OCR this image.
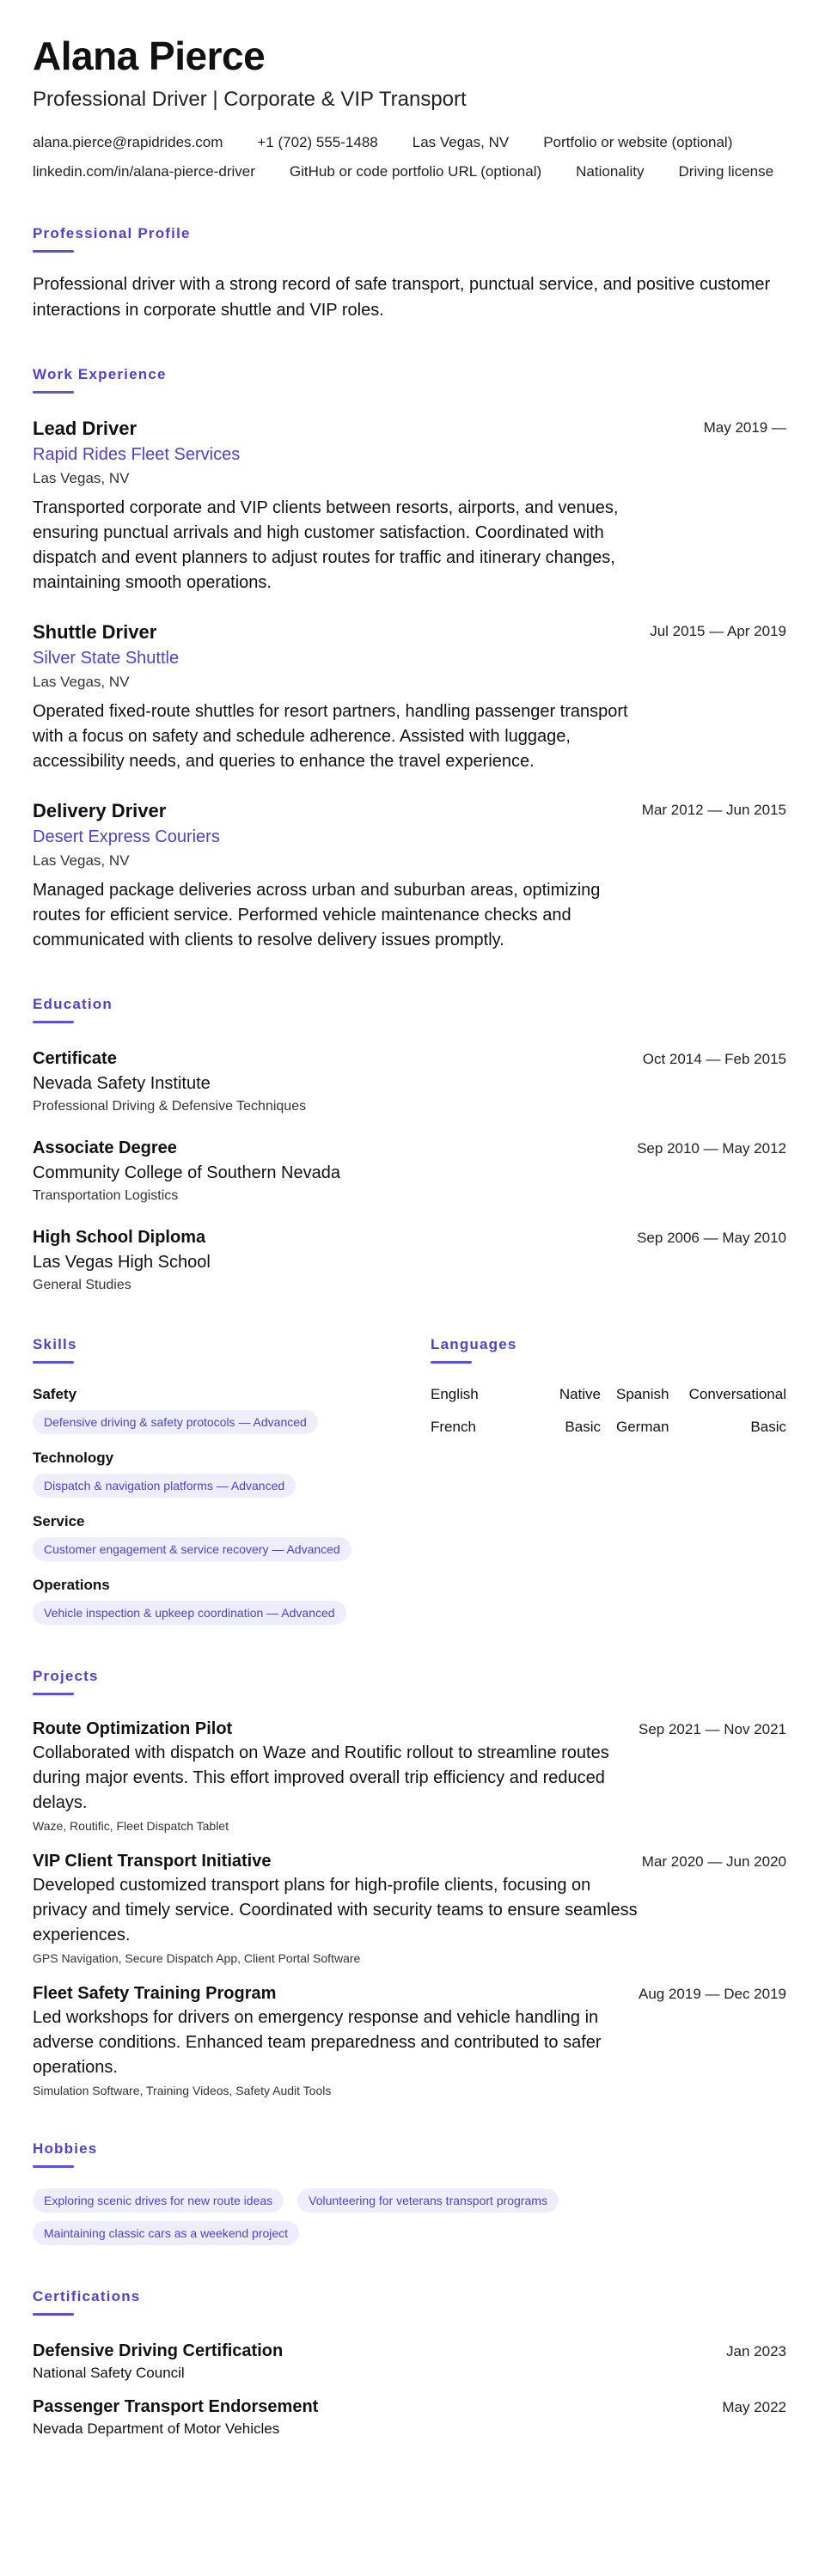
Alana Pierce
Professional Driver | Corporate & VIP Transport
alana.pierce@rapidrides.com +1 (702) 555-1488 Las Vegas, NV Portfolio or website (optional)
linkedin.com/in/alana-pierce-driver GitHub or code portfolio URL (optional) Nationality Driving license
Professional Profile
Professional driver with a strong record of safe transport, punctual service, and positive customer interactions in corporate shuttle and VIP roles.
Work Experience
Lead Driver
Rapid Rides Fleet Services
Las Vegas, NV
Transported corporate and VIP clients between resorts, airports, and venues, ensuring punctual arrivals and high customer satisfaction. Coordinated with dispatch and event planners to adjust routes for traffic and itinerary changes, maintaining smooth operations.
May 2019 —
Shuttle Driver
Silver State Shuttle
Las Vegas, NV
Operated fixed-route shuttles for resort partners, handling passenger transport with a focus on safety and schedule adherence. Assisted with luggage, accessibility needs, and queries to enhance the travel experience.
Jul 2015 — Apr 2019
Delivery Driver
Desert Express Couriers
Las Vegas, NV
Managed package deliveries across urban and suburban areas, optimizing routes for efficient service. Performed vehicle maintenance checks and communicated with clients to resolve delivery issues promptly.
Mar 2012 — Jun 2015
Education
Certificate
Nevada Safety Institute
Professional Driving & Defensive Techniques
Oct 2014 — Feb 2015
Associate Degree
Community College of Southern Nevada
Transportation Logistics
Sep 2010 — May 2012
High School Diploma
Las Vegas High School
General Studies
Sep 2006 — May 2010
Skills
Safety
Defensive driving & safety protocols — Advanced
Technology
Dispatch & navigation platforms — Advanced
Service
Customer engagement & service recovery — Advanced
Operations
Vehicle inspection & upkeep coordination — Advanced
Languages
English	Native Spanish Conversational
French	Basic German	Basic
Projects
Route Optimization Pilot
Collaborated with dispatch on Waze and Routific rollout to streamline routes during major events. This effort improved overall trip efficiency and reduced delays.
Waze, Routific, Fleet Dispatch Tablet
Sep 2021 — Nov 2021
VIP Client Transport Initiative
Developed customized transport plans for high-profile clients, focusing on privacy and timely service. Coordinated with security teams to ensure seamless experiences.
GPS Navigation, Secure Dispatch App, Client Portal Software
Mar 2020 — Jun 2020
Fleet Safety Training Program
Led workshops for drivers on emergency response and vehicle handling in adverse conditions. Enhanced team preparedness and contributed to safer operations.
Simulation Software, Training Videos, Safety Audit Tools
Aug 2019 — Dec 2019
Hobbies
Exploring scenic drives for new route ideas	Volunteering for veterans transport programs
Maintaining classic cars as a weekend project
Certifications
Defensive Driving Certification
National Safety Council
Jan 2023
Passenger Transport Endorsement
Nevada Department of Motor Vehicles
May 2022
